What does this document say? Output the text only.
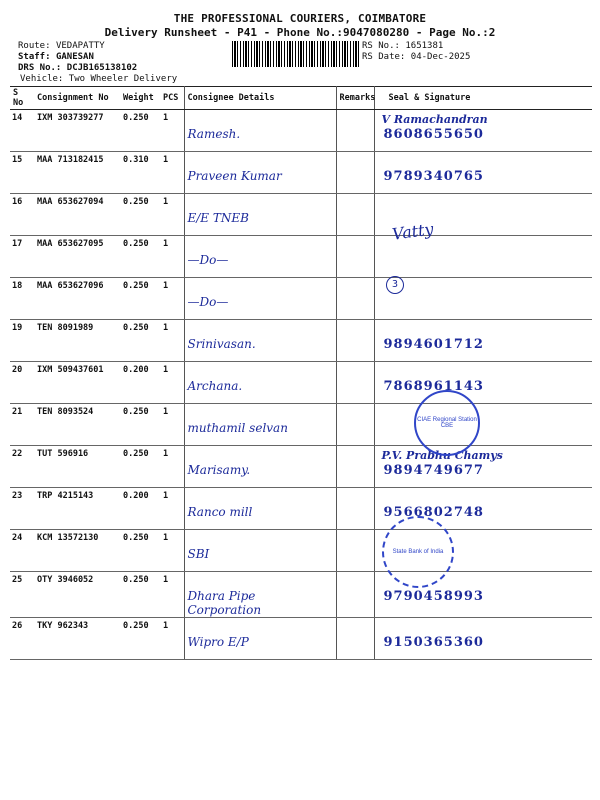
THE PROFESSIONAL COURIERS, COIMBATORE
Delivery Runsheet - P41 - Phone No.:9047080280 - Page No.:2
Route: VEDAPATTY
Staff: GANESAN
DRS No.: DCJB165138102
Vehicle: Two Wheeler Delivery
RS No.: 1651381
RS Date: 04-Dec-2025
S No	Consignment No	Weight	PCS	Consignee Details	Remarks	Seal & Signature
14	IXM 303739277	0.250	1	Ramesh.		V Ramachandran
8608655650

15	MAA 713182415	0.310	1	Praveen Kumar		9789340765

16	MAA 653627094	0.250	1	E/E TNEB		

17	MAA 653627095	0.250	1	—Do—		

18	MAA 653627096	0.250	1	—Do—		

19	TEN 8091989	0.250	1	Srinivasan.		9894601712

20	IXM 509437601	0.200	1	Archana.		7868961143

21	TEN 8093524	0.250	1	muthamil selvan		

22	TUT 596916	0.250	1	Marisamy.		P.V. Prabhu Chamys
9894749677

23	TRP 4215143	0.200	1	Ranco mill		9566802748

24	KCM 13572130	0.250	1	SBI		

25	OTY 3946052	0.250	1	Dhara Pipe Corporation		9790458993

26	TKY 962343	0.250	1	Wipro E/P		9150365360
Vatty
3
CIAE Regional Station CBE
State Bank of India
